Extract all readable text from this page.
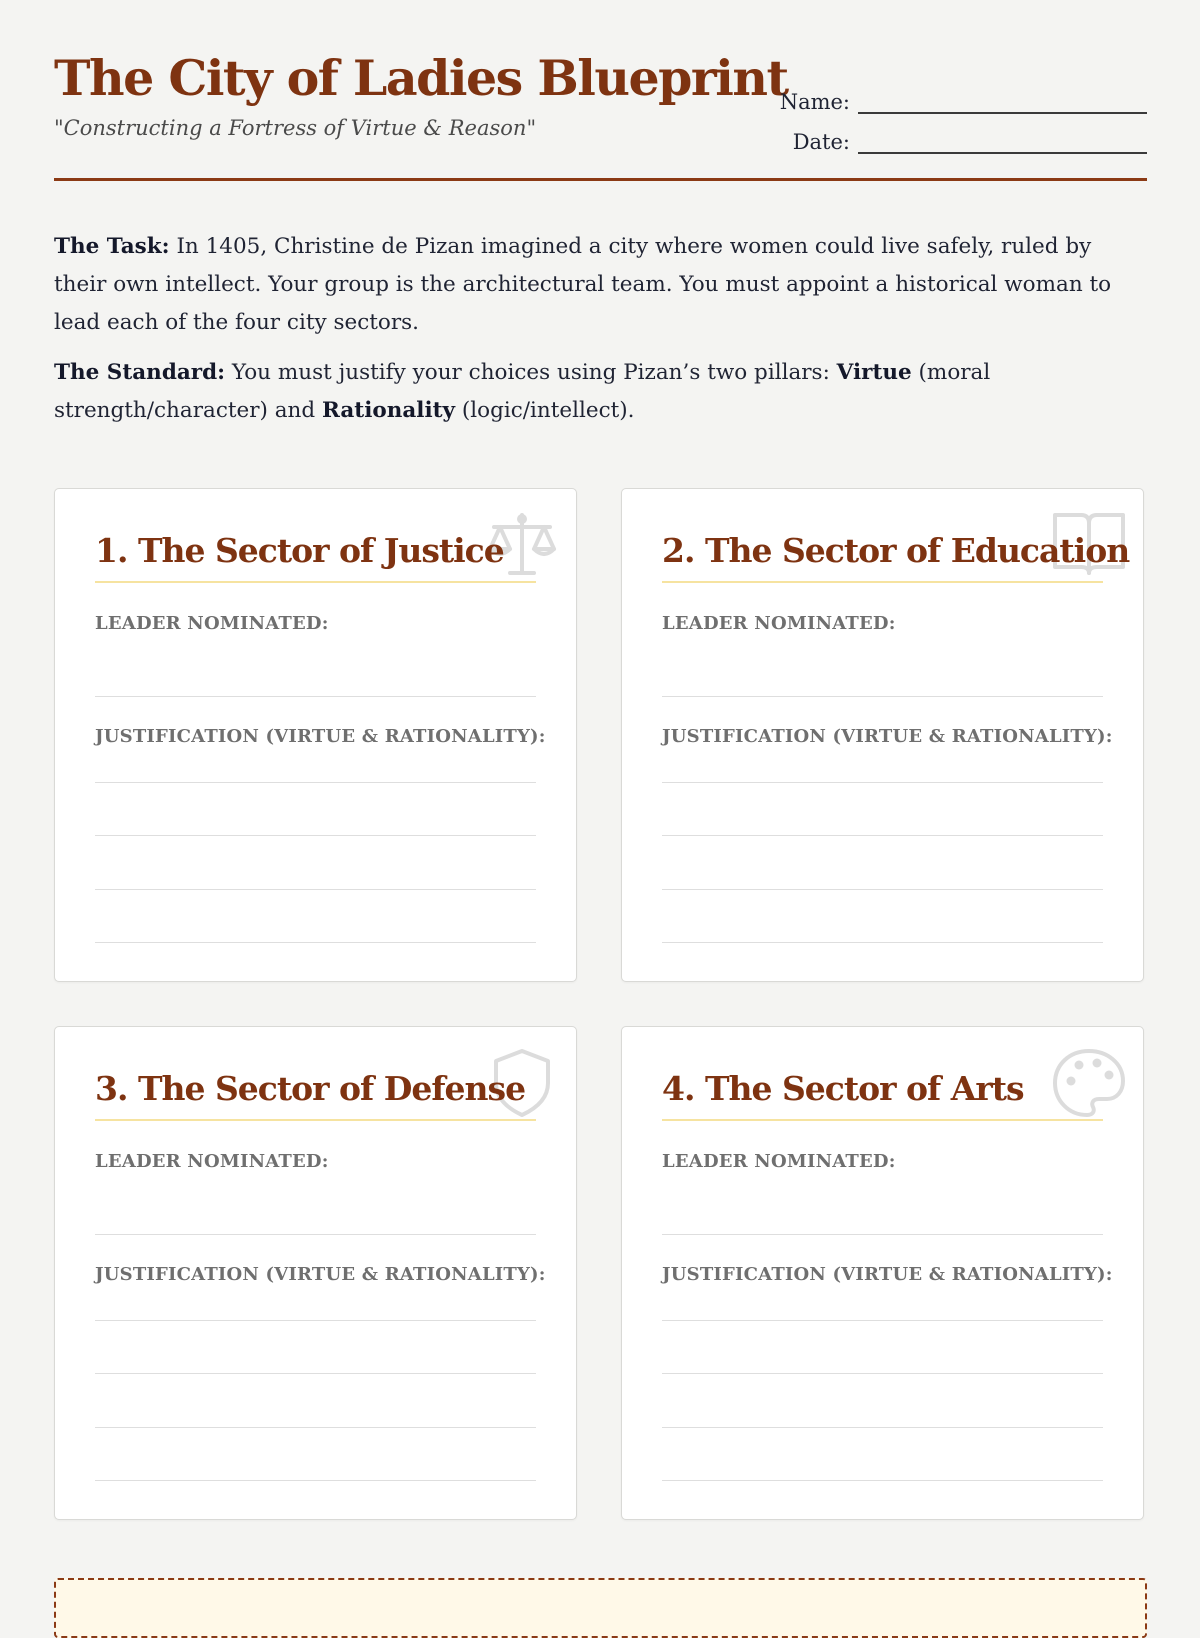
The City of Ladies Blueprint
"Constructing a Fortress of Virtue & Reason"
Name:
Date:

The Task: In 1405, Christine de Pizan imagined a city where women could live safely, ruled by their own intellect. Your group is the architectural team. You must appoint a historical woman to lead each of the four city sectors.

The Standard: You must justify your choices using Pizan’s two pillars: Virtue (moral strength/character) and Rationality (logic/intellect).

1. The Sector of Justice
LEADER NOMINATED:
JUSTIFICATION (VIRTUE & RATIONALITY):
2. The Sector of Education
LEADER NOMINATED:
JUSTIFICATION (VIRTUE & RATIONALITY):
3. The Sector of Defense
LEADER NOMINATED:
JUSTIFICATION (VIRTUE & RATIONALITY):
4. The Sector of Arts
LEADER NOMINATED:
JUSTIFICATION (VIRTUE & RATIONALITY):
